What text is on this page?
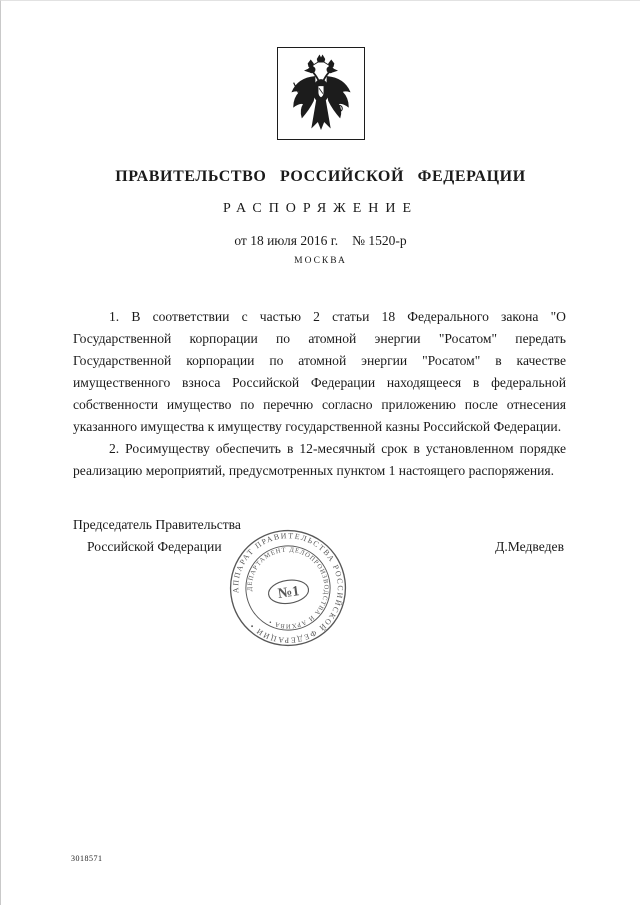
ПРАВИТЕЛЬСТВО РОССИЙСКОЙ ФЕДЕРАЦИИ
РАСПОРЯЖЕНИЕ
от 18 июля 2016 г. № 1520-р
МОСКВА

1. В соответствии с частью 2 статьи 18 Федерального закона "О Государственной корпорации по атомной энергии "Росатом" передать Государственной корпорации по атомной энергии "Росатом" в качестве имущественного взноса Российской Федерации находящееся в федеральной собственности имущество по перечню согласно приложению после отнесения указанного имущества к имуществу государственной казны Российской Федерации.

2. Росимуществу обеспечить в 12-месячный срок в установленном порядке реализацию мероприятий, предусмотренных пунктом 1 настоящего распоряжения.

Председатель Правительства
Российской Федерации	Д.Медведев
АППАРАТ ПРАВИТЕЛЬСТВА РОССИЙСКОЙ ФЕДЕРАЦИИ •
ДЕПАРТАМЕНТ ДЕЛОПРОИЗВОДСТВА И АРХИВА •
№1
3018571
